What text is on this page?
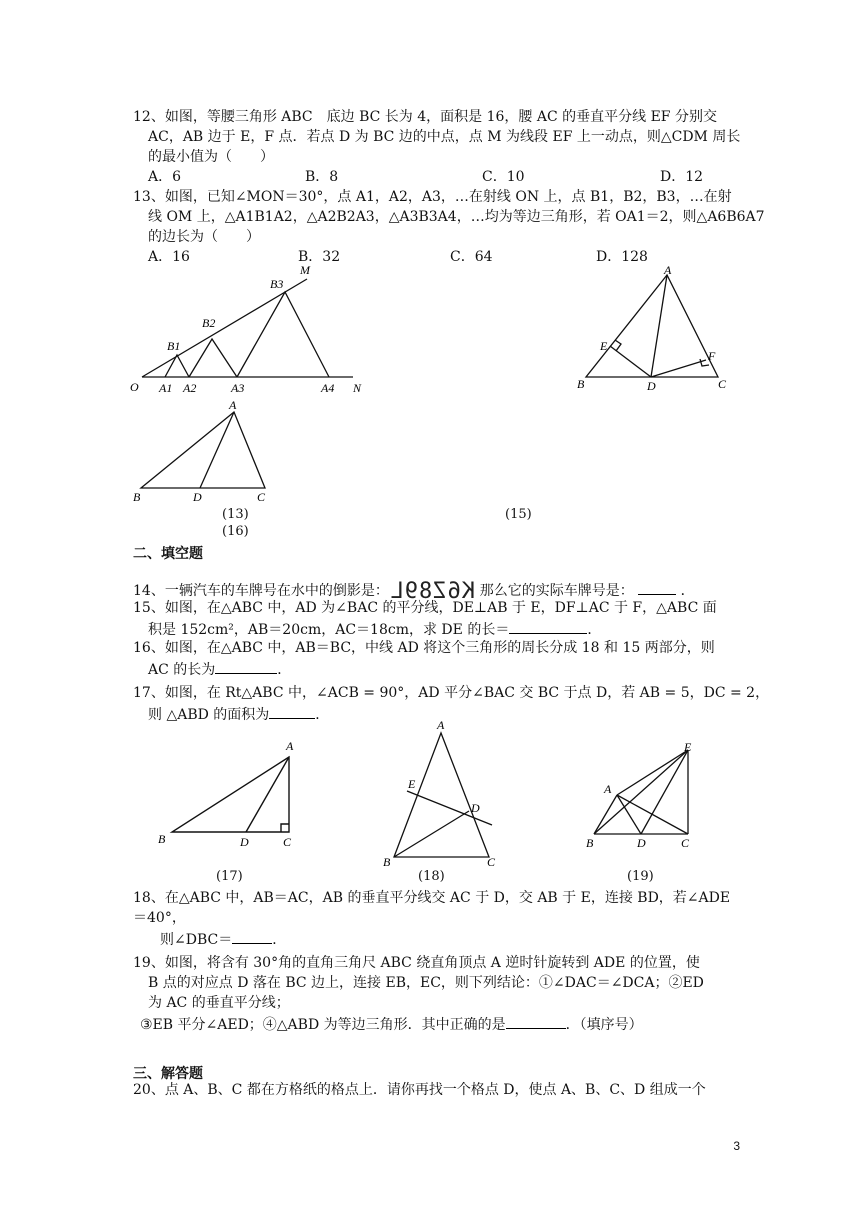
12、如图，等腰三角形 ABC　底边 BC 长为 4，面积是 16，腰 AC 的垂直平分线 EF 分别交
AC，AB 边于 E，F 点．若点 D 为 BC 边的中点，点 M 为线段 EF 上一动点，则△CDM 周长
的最小值为（　　）
A．6	B．8	C．10	D．12
13、如图，已知∠MON＝30°，点 A1，A2，A3，…在射线 ON 上，点 B1，B2，B3，…在射
线 OM 上，△A1B1A2，△A2B2A3，△A3B3A4，…均为等边三角形，若 OA1＝2，则△A6B6A7
的边长为（　　）
A．16	B．32	C．64	D．128
O A1 A2	A3	A4 N
B1
B2
B3
M	A
B	C
D
E
F
A
B	D	C
(13)
(16)
(15)
二、填空题
14、一辆汽车的车牌号在水中的倒影是： K6Z89L 那么它的实际车牌号是：	．
15、如图，在△ABC 中，AD 为∠BAC 的平分线，DE⊥AB 于 E，DF⊥AC 于 F，△ABC 面
积是 152cm²，AB＝20cm，AC＝18cm，求 DE 的长＝	．
16、如图，在△ABC 中，AB＝BC，中线 AD 将这个三角形的周长分成 18 和 15 两部分，则
AC 的长为	．
17、如图，在 Rt△ABC 中，∠ACB = 90°，AD 平分∠BAC 交 BC 于点 D，若 AB = 5，DC = 2，
则 △ABD 的面积为	．
A
B	D	C
A
E
D
B	C
E
A
B	D	C
(17)	(18)	(19)
18、在△ABC 中，AB＝AC，AB 的垂直平分线交 AC 于 D，交 AB 于 E，连接 BD，若∠ADE
＝40°，
则∠DBC＝	．
19、如图，将含有 30°角的直角三角尺 ABC 绕直角顶点 A 逆时针旋转到 ADE 的位置，使
B 点的对应点 D 落在 BC 边上，连接 EB，EC，则下列结论：①∠DAC＝∠DCA；②ED
为 AC 的垂直平分线；
③EB 平分∠AED；④△ABD 为等边三角形．其中正确的是	．（填序号）
三、解答题
20、点 A、B、C 都在方格纸的格点上．请你再找一个格点 D，使点 A、B、C、D 组成一个
3
